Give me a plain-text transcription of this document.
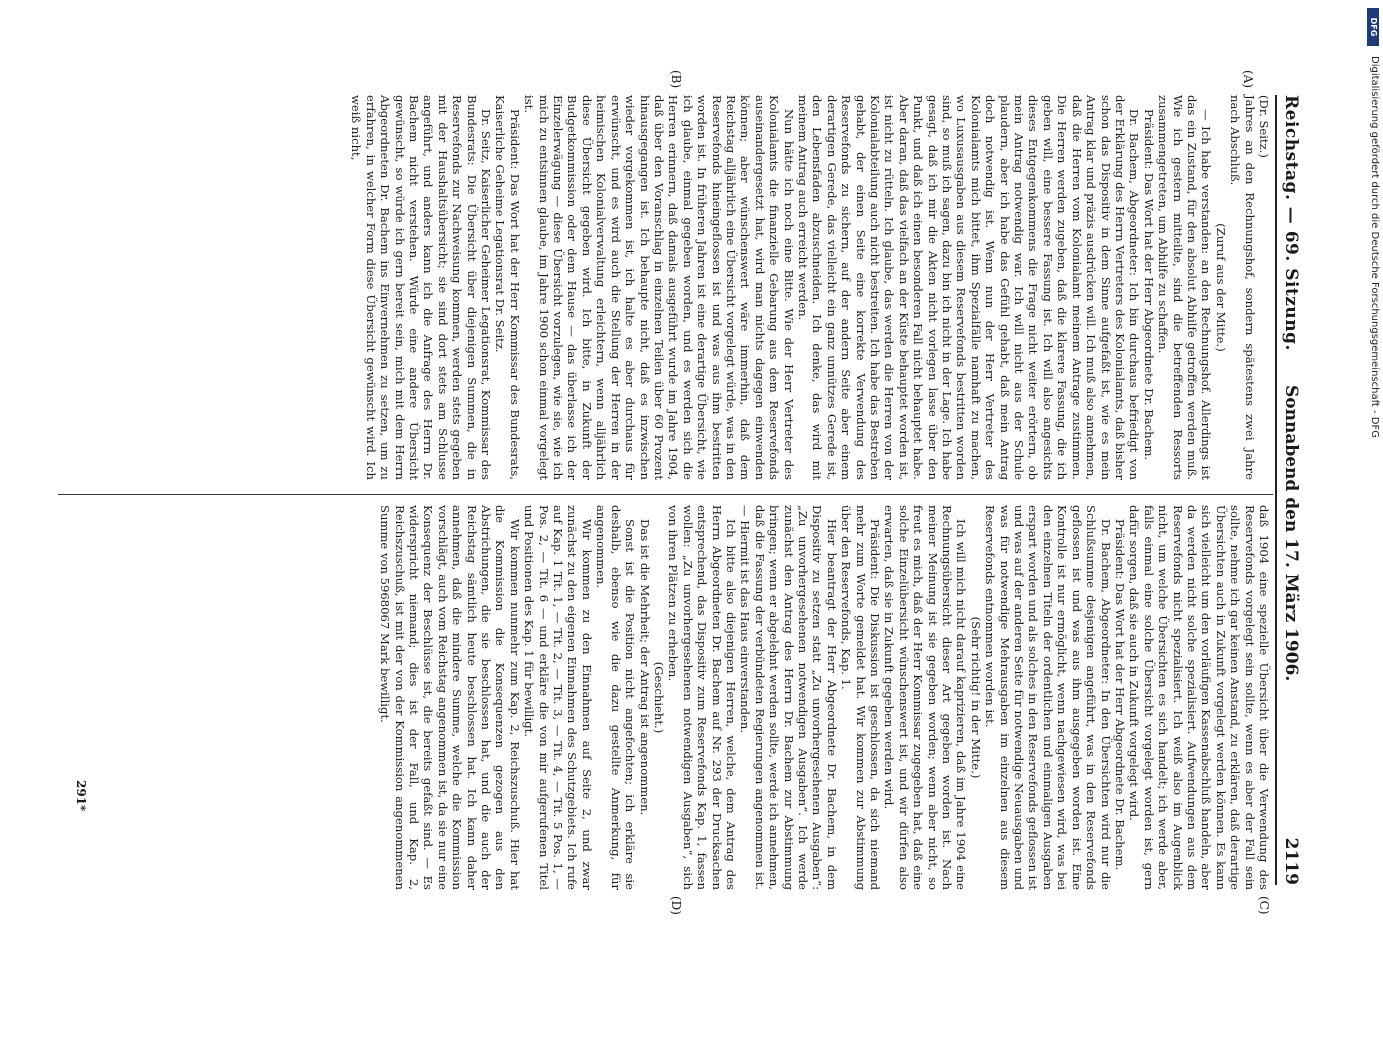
Reichstag. — 69. Sitzung.
Sonnabend den 17. März 1906.
2119
(A)
(B)
(C)
(D)

(Dr. Seitz.)

Jahres an den Rechnungshof, sondern spätestens zwei Jahre nach Abschluß.

(Zuruf aus der Mitte.)

— Ich habe verstanden: an den Rechnungshof. Allerdings ist das ein Zustand, für den absolut Abhilfe getroffen werden muß. Wie ich gestern mitteilte, sind die betreffenden Ressorts zusammengetreten, um Abhilfe zu schaffen.

Präsident: Das Wort hat der Herr Abgeordnete Dr. Bachem.

Dr. Bachem, Abgeordneter: Ich bin durchaus befriedigt von der Erklärung des Herrn Vertreters des Kolonialamts, daß bisher schon das Dispositiv in dem Sinne aufgefaßt ist, wie es mein Antrag klar und präzis ausdrücken will. Ich muß also annehmen, daß die Herren vom Kolonialamt meinem Antrage zustimmen. Die Herren werden zugeben, daß die klarere Fassung, die ich geben will, eine bessere Fassung ist. Ich will also angesichts dieses Entgegenkommens die Frage nicht weiter erörtern, ob mein Antrag notwendig war. Ich will nicht aus der Schule plaudern, aber ich habe das Gefühl gehabt, daß mein Antrag doch notwendig ist. Wenn nun der Herr Vertreter des Kolonialamts mich bittet, ihm Spezialfälle namhaft zu machen, wo Luxusausgaben aus diesem Reservefonds bestritten worden sind, so muß ich sagen, dazu bin ich nicht in der Lage. Ich habe gesagt, daß ich mir die Akten nicht vorlegen lasse über den Punkt, und daß ich einen besonderen Fall nicht behauptet habe. Aber daran, daß das vielfach an der Küste behauptet worden ist, ist nicht zu rütteln. Ich glaube, das werden die Herren von der Kolonialabteilung auch nicht bestreiten. Ich habe das Bestreben gehabt, der einen Seite eine korrekte Verwendung des Reservefonds zu sichern, auf der andern Seite aber einem derartigen Gerede, das vielleicht ein ganz unnützes Gerede ist, den Lebensfaden abzuschneiden. Ich denke, das wird mit meinem Antrag auch erreicht werden.

Nun hätte ich noch eine Bitte. Wie der Herr Vertreter des Kolonialamts die finanzielle Gebarung aus dem Reservefonds auseinandergesetzt hat, wird man nichts dagegen einwenden können; aber wünschenswert wäre immerhin, daß dem Reichstag alljährlich eine Übersicht vorgelegt würde, was in den Reservefonds hineingeflossen ist und was aus ihm bestritten worden ist. In früheren Jahren ist eine derartige Übersicht, wie ich glaube, einmal gegeben worden, und es werden sich die Herren erinnern, daß damals ausgeführt wurde im Jahre 1904, daß über den Voranschlag in einzelnen Teilen über 60 Prozent hinausgegangen ist. Ich behaupte nicht, daß es inzwischen wieder vorgekommen ist, ich halte es aber durchaus für erwünscht, und es wird auch die Stellung der Herren in der heimischen Kolonialverwaltung erleichtern, wenn alljährlich diese Übersicht gegeben wird. Ich bitte, in Zukunft der Budgetkommission oder dem Hause — das überlasse ich der Einzelerwägung — diese Übersicht vorzulegen, wie sie, wie ich mich zu entsinnen glaube, im Jahre 1900 schon einmal vorgelegt ist.

Präsident: Das Wort hat der Herr Kommissar des Bundesrats, Kaiserliche Geheime Legationsrat Dr. Seitz.

Dr. Seitz, Kaiserlicher Geheimer Legationsrat, Kommissar des Bundesrats: Die Übersicht über diejenigen Summen, die in Reservefonds zur Nachweisung kommen, werden stets gegeben mit der Haushaltsübersicht; sie sind dort stets am Schlusse angeführt, und anders kann ich die Anfrage des Herrn Dr. Bachem nicht verstehen. Würde eine andere Übersicht gewünscht, so würde ich gern bereit sein, mich mit dem Herrn Abgeordneten Dr. Bachem ins Einvernehmen zu setzen, um zu erfahren, in welcher Form diese Übersicht gewünscht wird. Ich weiß nicht,

daß 1904 eine spezielle Übersicht über die Verwendung des Reservefonds vorgelegt sein sollte, wenn es aber der Fall sein sollte, nehme ich gar keinen Anstand, zu erklären, daß derartige Übersichten auch in Zukunft vorgelegt werden können. Es kann sich vielleicht um den vorläufigen Kassenabschluß handeln, aber da werden nicht solche spezialisiert. Aufwendungen aus dem Reservefonds nicht spezialisiert. Ich weiß also im Augenblick nicht, um welche Übersichten es sich handelt; ich werde aber, falls einmal eine solche Übersicht vorgelegt worden ist, gern dafür sorgen, daß sie auch in Zukunft vorgelegt wird.

Präsident: Das Wort hat der Herr Abgeordnete Dr. Bachem.

Dr. Bachem, Abgeordneter: In den Übersichten wird nur die Schlußsumme desjenigen angeführt, was in den Reservefonds geflossen ist und was aus ihm ausgegeben worden ist. Eine Kontrolle ist nur ermöglicht, wenn nachgewiesen wird, was bei den einzelnen Titeln der ordentlichen und einmaligen Ausgaben erspart worden und als solches in den Reservefonds geflossen ist und was auf der anderen Seite für notwendige Neuausgaben und was für notwendige Mehrausgaben im einzelnen aus diesem Reservefonds entnommen worden ist.

(Sehr richtig! in der Mitte.)

Ich will mich nicht darauf kaprizieren, daß im Jahre 1904 eine Rechnungsübersicht dieser Art gegeben worden ist. Nach meiner Meinung ist sie gegeben worden; wenn aber nicht, so freut es mich, daß der Herr Kommissar zugegeben hat, daß eine solche Einzelübersicht wünschenswert ist, und wir dürfen also erwarten, daß sie in Zukunft gegeben werden wird.

Präsident: Die Diskussion ist geschlossen, da sich niemand mehr zum Worte gemeldet hat. Wir kommen zur Abstimmung über den Reservefonds, Kap. 1.

Hier beantragt der Herr Abgeordnete Dr. Bachem, in dem Dispositiv zu setzen statt „Zu unvorhergesehenen Ausgaben“: „Zu unvorhergesehenen notwendigen Ausgaben“. Ich werde zunächst den Antrag des Herrn Dr. Bachem zur Abstimmung bringen; wenn er abgelehnt werden sollte, werde ich annehmen, daß die Fassung der verbündeten Regierungen angenommen ist. — Hiermit ist das Haus einverstanden.

Ich bitte also diejenigen Herren, welche, dem Antrag des Herrn Abgeordneten Dr. Bachem auf Nr. 293 der Drucksachen entsprechend, das Dispositiv zum Reservefonds Kap. 1, fassen wollen: „Zu unvorhergesehenen notwendigen Ausgaben“, sich von ihren Plätzen zu erheben.

(Geschieht.)

Das ist die Mehrheit; der Antrag ist angenommen.

Sonst ist die Position nicht angefochten; ich erkläre sie deshalb, ebenso wie die dazu gestellte Anmerkung, für angenommen.

Wir kommen zu den Einnahmen auf Seite 2, und zwar zunächst zu den eigenen Einnahmen des Schutzgebiets. Ich rufe auf Kap. 1 Tit. 1, — Tit. 2, — Tit. 3, — Tit. 4, — Tit. 5 Pos. 1, — Pos. 2, — Tit. 6 — und erkläre die von mir aufgerufenen Titel und Positionen des Kap. 1 für bewilligt.

Wir kommen nunmehr zum Kap. 2, Reichszuschuß. Hier hat die Kommission die Konsequenzen gezogen aus den Abstrichungen, die sie beschlossen hat, und die auch der Reichstag sämtlich heute beschlossen hat. Ich kann daher annehmen, daß die mindere Summe, welche die Kommission vorschlägt, auch vom Reichstag angenommen ist, da sie nur eine Konsequenz der Beschlüsse ist, die bereits gefaßt sind. — Es widerspricht niemand; dies ist der Fall, und Kap. 2, Reichszuschuß, ist mit der von der Kommission angenommenen Summe von 5968067 Mark bewilligt.

291*
DFG
Digitalisierung gefördert durch die Deutsche Forschungsgemeinschaft - DFG
